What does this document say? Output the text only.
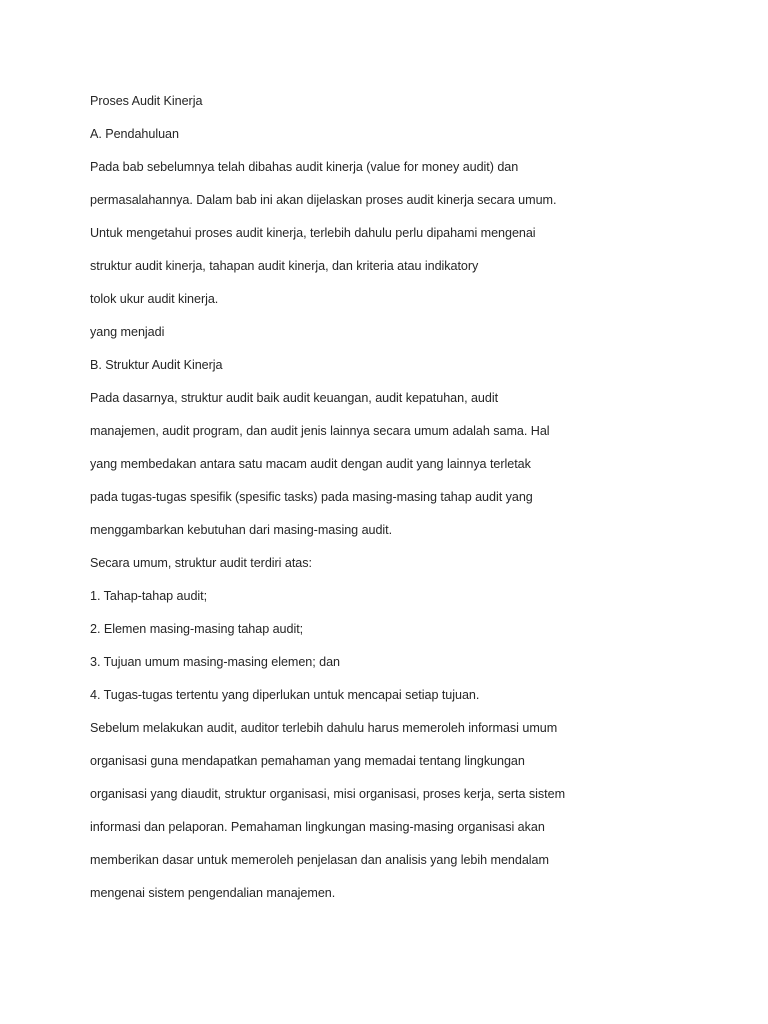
Proses Audit Kinerja

A. Pendahuluan

Pada bab sebelumnya telah dibahas audit kinerja (value for money audit) dan

permasalahannya. Dalam bab ini akan dijelaskan proses audit kinerja secara umum.

Untuk mengetahui proses audit kinerja, terlebih dahulu perlu dipahami mengenai

struktur audit kinerja, tahapan audit kinerja, dan kriteria atau indikatory

tolok ukur audit kinerja.

yang menjadi

B. Struktur Audit Kinerja

Pada dasarnya, struktur audit baik audit keuangan, audit kepatuhan, audit

manajemen, audit program, dan audit jenis lainnya secara umum adalah sama. Hal

yang membedakan antara satu macam audit dengan audit yang lainnya terletak

pada tugas-tugas spesifik (spesific tasks) pada masing-masing tahap audit yang

menggambarkan kebutuhan dari masing-masing audit.

Secara umum, struktur audit terdiri atas:

1. Tahap-tahap audit;

2. Elemen masing-masing tahap audit;

3. Tujuan umum masing-masing elemen; dan

4. Tugas-tugas tertentu yang diperlukan untuk mencapai setiap tujuan.

Sebelum melakukan audit, auditor terlebih dahulu harus memeroleh informasi umum

organisasi guna mendapatkan pemahaman yang memadai tentang lingkungan

organisasi yang diaudit, struktur organisasi, misi organisasi, proses kerja, serta sistem

informasi dan pelaporan. Pemahaman lingkungan masing-masing organisasi akan

memberikan dasar untuk memeroleh penjelasan dan analisis yang lebih mendalam

mengenai sistem pengendalian manajemen.
